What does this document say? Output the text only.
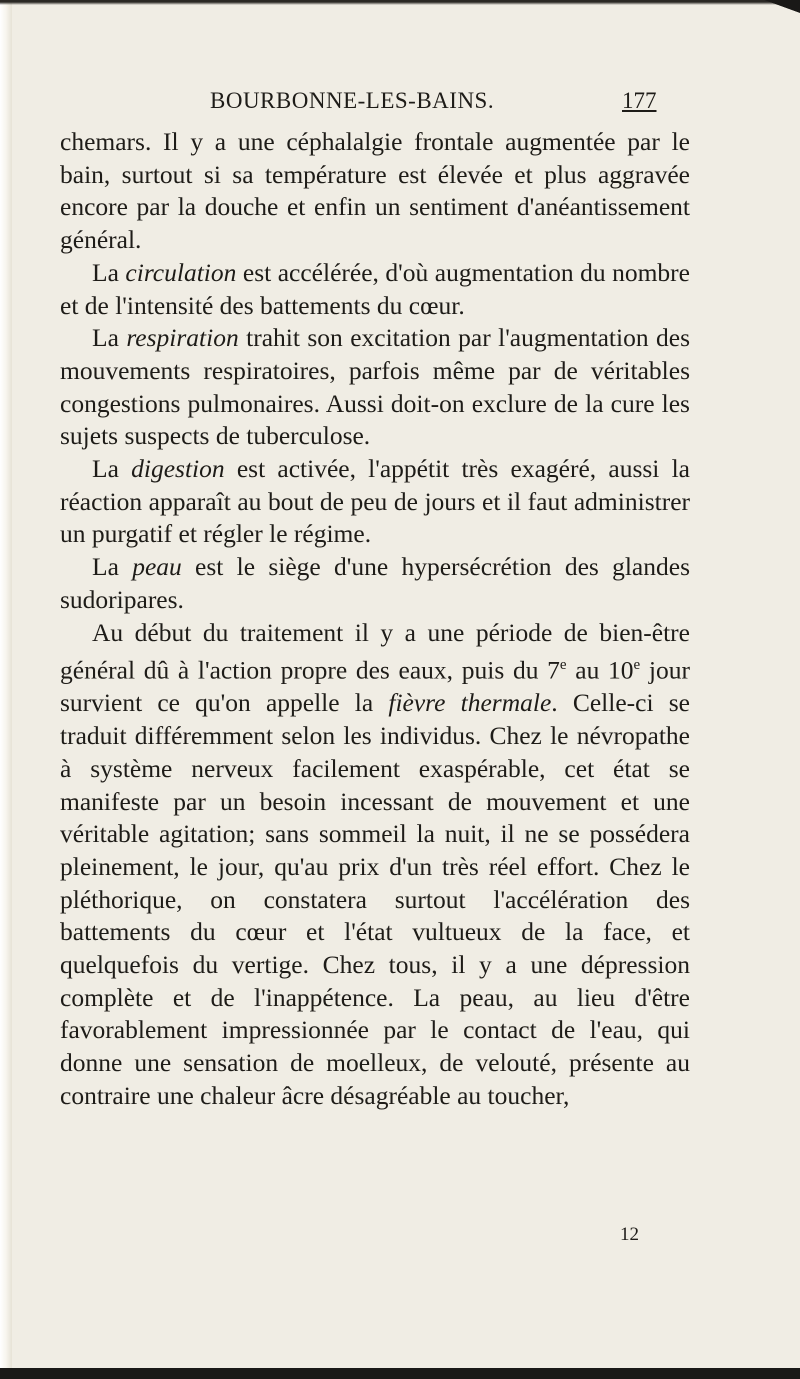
BOURBONNE-LES-BAINS.	177

chemars. Il y a une céphalalgie frontale augmentée par le bain, surtout si sa température est élevée et plus aggravée encore par la douche et enfin un sentiment d'anéantissement général.

La circulation est accélérée, d'où augmentation du nombre et de l'intensité des battements du cœur.

La respiration trahit son excitation par l'augmentation des mouvements respiratoires, parfois même par de véritables congestions pulmonaires. Aussi doit-on exclure de la cure les sujets suspects de tuberculose.

La digestion est activée, l'appétit très exagéré, aussi la réaction apparaît au bout de peu de jours et il faut administrer un purgatif et régler le régime.

La peau est le siège d'une hypersécrétion des glandes sudoripares.

Au début du traitement il y a une période de bien-être général dû à l'action propre des eaux, puis du 7e au 10e jour survient ce qu'on appelle la fièvre thermale. Celle-ci se traduit différemment selon les individus. Chez le névropathe à système nerveux facilement exaspérable, cet état se manifeste par un besoin incessant de mouvement et une véritable agitation; sans sommeil la nuit, il ne se possédera pleinement, le jour, qu'au prix d'un très réel effort. Chez le pléthorique, on constatera surtout l'accélération des battements du cœur et l'état vultueux de la face, et quelquefois du vertige. Chez tous, il y a une dépression complète et de l'inappétence. La peau, au lieu d'être favorablement impressionnée par le contact de l'eau, qui donne une sensation de moelleux, de velouté, présente au contraire une chaleur âcre désagréable au toucher,

12
